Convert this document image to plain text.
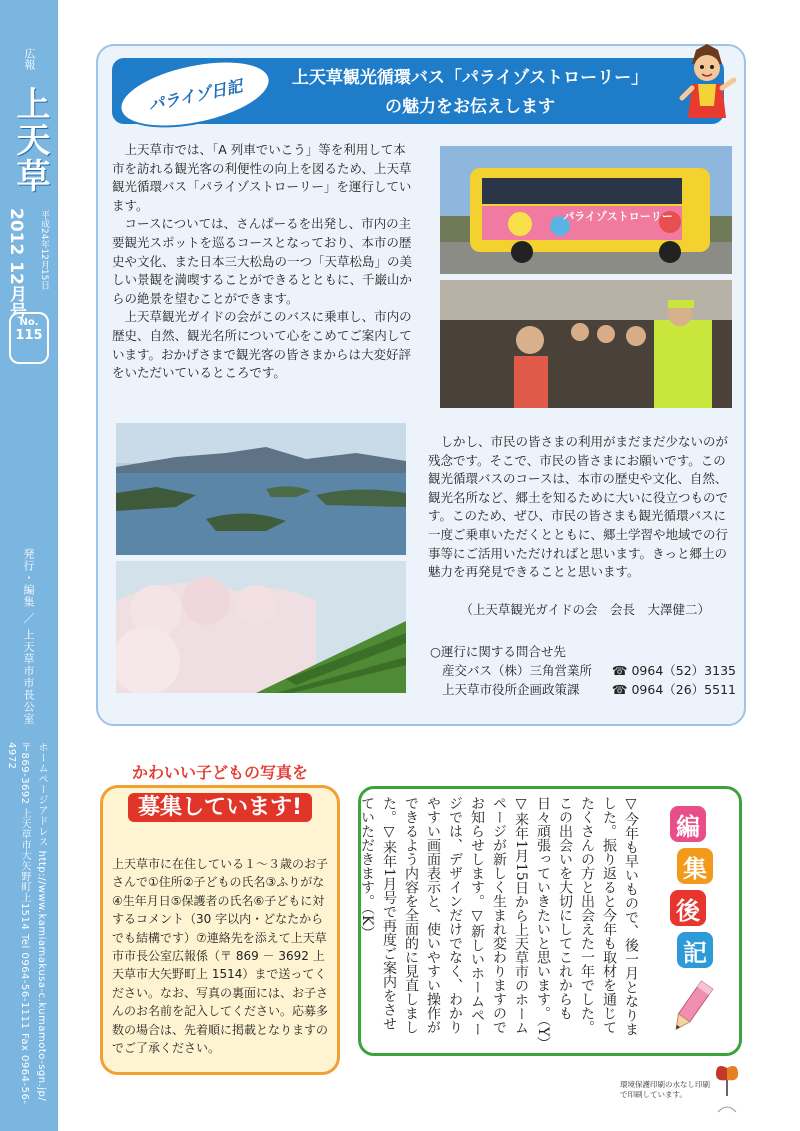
広報
上天草
2012 12月号	平成24年12月15日
No.
115
発行・編集 ／ 上天草市市長公室
〒869-3692 上天草市大矢野町上1514 Tel 0964-56-1111 Fax 0964-56-4972	ホームページアドレス http://www.kamiamakusa-c.kumamoto-sgn.jp/
パライゾ日記	上天草観光循環バス「パライゾストローリー」
の魅力をお伝えします

上天草市では、「A 列車でいこう」等を利用して本市を訪れる観光客の利便性の向上を図るため、上天草観光循環バス「パライゾストローリー」を運行しています。

コースについては、さんぱーるを出発し、市内の主要観光スポットを巡るコースとなっており、本市の歴史や文化、また日本三大松島の一つ「天草松島」の美しい景観を満喫することができるとともに、千巌山からの絶景を望むことができます。

上天草観光ガイドの会がこのバスに乗車し、市内の歴史、自然、観光名所について心をこめてご案内しています。おかげさまで観光客の皆さまからは大変好評をいただいているところです。

パライゾストローリー

しかし、市民の皆さまの利用がまだまだ少ないのが残念です。そこで、市民の皆さまにお願いです。この観光循環バスのコースは、本市の歴史や文化、自然、観光名所など、郷土を知るために大いに役立つものです。このため、ぜひ、市民の皆さまも観光循環バスに一度ご乗車いただくとともに、郷土学習や地域での行事等にご活用いただければと思います。きっと郷土の魅力を再発見できることと思います。

（上天草観光ガイドの会　会長　大澤健二）
○運行に関する問合せ先
産交バス（株）三角営業所 ☎ 0964（52）3135
上天草市役所企画政策課	☎ 0964（26）5511
かわいい子どもの写真を
募集しています!
上天草市に在住している１～３歳のお子さんで①住所②子どもの氏名③ふりがな④生年月日⑤保護者の氏名⑥子どもに対するコメント（30 字以内・どなたからでも結構です）⑦連絡先を添えて上天草市市長公室広報係（〒 869 － 3692 上天草市大矢野町上 1514）まで送ってください。なお、写真の裏面には、お子さんのお名前を記入してください。応募多数の場合は、先着順に掲載となりますのでご了承ください。
▽今年も早いもので、後一月となりました。振り返ると今年も取材を通じてたくさんの方と出会えた一年でした。この出会いを大切にしてこれからも日々頑張っていきたいと思います。（Y）▽来年1月15日から上天草市のホームページが新しく生まれ変わりますのでお知らせします。▽新しいホームページでは、デザインだけでなく、わかりやすい画面表示と、使いやすい操作ができるよう内容を全面的に見直しました。▽来年1月号で再度ご案内をさせていただきます。（K）	編
集
後
記
環境保護印刷の水なし印刷で印刷しています。
